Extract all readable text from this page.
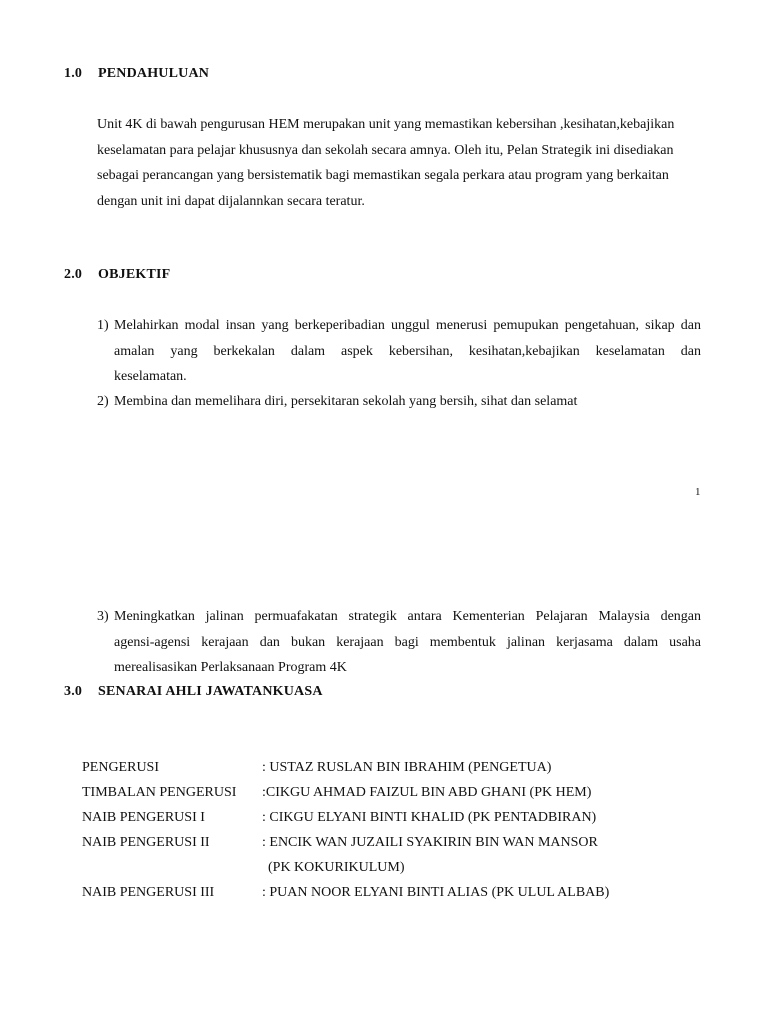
1.0 PENDAHULUAN
Unit 4K di bawah pengurusan HEM merupakan unit yang memastikan kebersihan ,kesihatan,kebajikan
keselamatan para pelajar khususnya dan sekolah secara amnya. Oleh itu, Pelan Strategik ini disediakan
sebagai perancangan yang bersistematik bagi memastikan segala perkara atau program yang berkaitan
dengan unit ini dapat dijalannkan secara teratur.
2.0 OBJEKTIF
1) Melahirkan modal insan yang berkeperibadian unggul menerusi pemupukan pengetahuan, sikap dan
amalan yang berkekalan dalam aspek kebersihan, kesihatan,kebajikan keselamatan dan
keselamatan.
2) Membina dan memelihara diri, persekitaran sekolah yang bersih, sihat dan selamat
1
3) Meningkatkan jalinan permuafakatan strategik antara Kementerian Pelajaran Malaysia dengan
agensi-agensi kerajaan dan bukan kerajaan bagi membentuk jalinan kerjasama dalam usaha
merealisasikan Perlaksanaan Program 4K
3.0 SENARAI AHLI JAWATANKUASA
PENGERUSI	: USTAZ RUSLAN BIN IBRAHIM (PENGETUA)
TIMBALAN PENGERUSI :CIKGU AHMAD FAIZUL BIN ABD GHANI (PK HEM)
NAIB PENGERUSI I	: CIKGU ELYANI BINTI KHALID (PK PENTADBIRAN)
NAIB PENGERUSI II	: ENCIK WAN JUZAILI SYAKIRIN BIN WAN MANSOR
(PK KOKURIKULUM)
NAIB PENGERUSI III	: PUAN NOOR ELYANI BINTI ALIAS (PK ULUL ALBAB)
